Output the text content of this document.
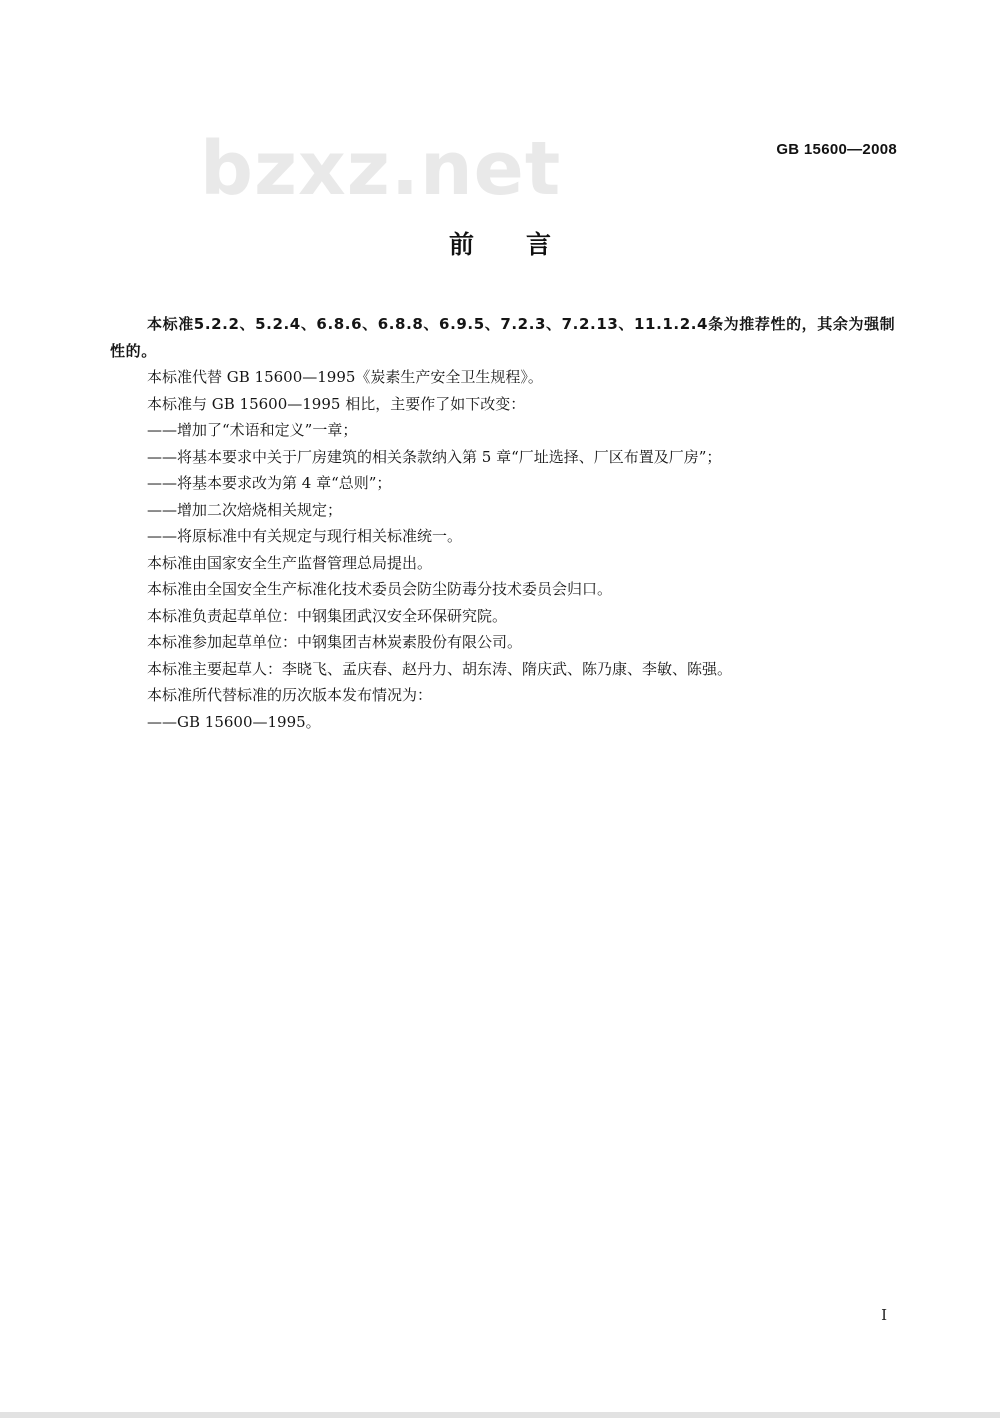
bzxz.net	GB 15600—2008
前言

本标准5.2.2、5.2.4、6.8.6、6.8.8、6.9.5、7.2.3、7.2.13、11.1.2.4条为推荐性的，其余为强制性的。

本标准代替 GB 15600—1995《炭素生产安全卫生规程》。

本标准与 GB 15600—1995 相比，主要作了如下改变：

——增加了“术语和定义”一章；

——将基本要求中关于厂房建筑的相关条款纳入第 5 章“厂址选择、厂区布置及厂房”；

——将基本要求改为第 4 章“总则”；

——增加二次焙烧相关规定；

——将原标准中有关规定与现行相关标准统一。

本标准由国家安全生产监督管理总局提出。

本标准由全国安全生产标准化技术委员会防尘防毒分技术委员会归口。

本标准负责起草单位：中钢集团武汉安全环保研究院。

本标准参加起草单位：中钢集团吉林炭素股份有限公司。

本标准主要起草人：李晓飞、孟庆春、赵丹力、胡东涛、隋庆武、陈乃康、李敏、陈强。

本标准所代替标准的历次版本发布情况为：

——GB 15600—1995。

I
